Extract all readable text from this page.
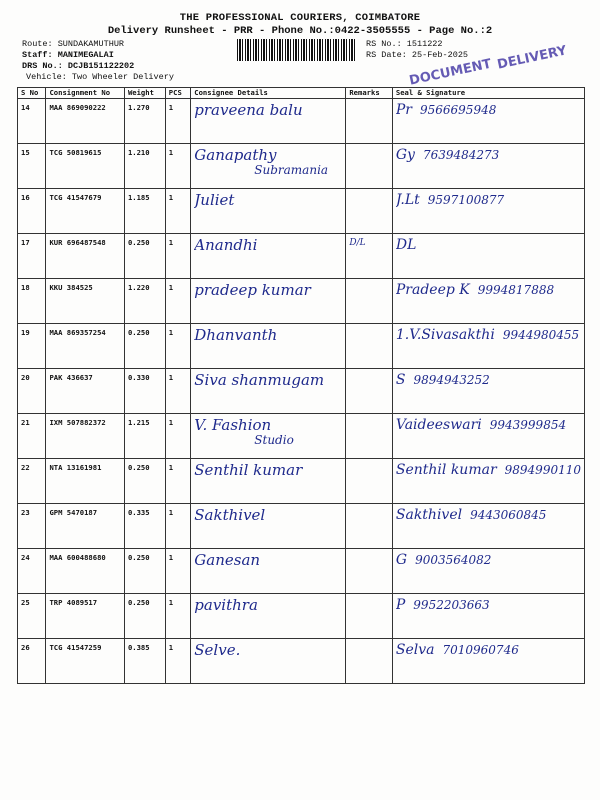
THE PROFESSIONAL COURIERS, COIMBATORE
Delivery Runsheet - PRR - Phone No.:0422-3505555 - Page No.:2
Route: SUNDAKAMUTHUR
Staff: MANIMEGALAI
DRS No.: DCJB151122202
Vehicle: Two Wheeler Delivery
RS No.: 1511222
RS Date: 25-Feb-2025
DOCUMENT DELIVERY
S No	Consignment No	Weight	PCS	Consignee Details	Remarks	Seal & Signature
14	MAA 869090222	1.270	1	praveena balu		Pr 9566695948

15	TCG 50819615	1.210	1	Ganapathy
Subramania		Gy 7639484273

16	TCG 41547679	1.185	1	Juliet		J.Lt 9597100877

17	KUR 696487548	0.250	1	Anandhi	D/L	DL

18	KKU 384525	1.220	1	pradeep kumar		Pradeep K 9994817888

19	MAA 869357254	0.250	1	Dhanvanth		1.V.Sivasakthi 9944980455

20	PAK 436637	0.330	1	Siva shanmugam		S 9894943252

21	IXM 507882372	1.215	1	V. Fashion
Studio		Vaideeswari 9943999854

22	NTA 13161981	0.250	1	Senthil kumar		Senthil kumar 9894990110

23	GPM 5470187	0.335	1	Sakthivel		Sakthivel 9443060845

24	MAA 600488680	0.250	1	Ganesan		G 9003564082

25	TRP 4089517	0.250	1	pavithra		P 9952203663

26	TCG 41547259	0.385	1	Selve.		Selva 7010960746
